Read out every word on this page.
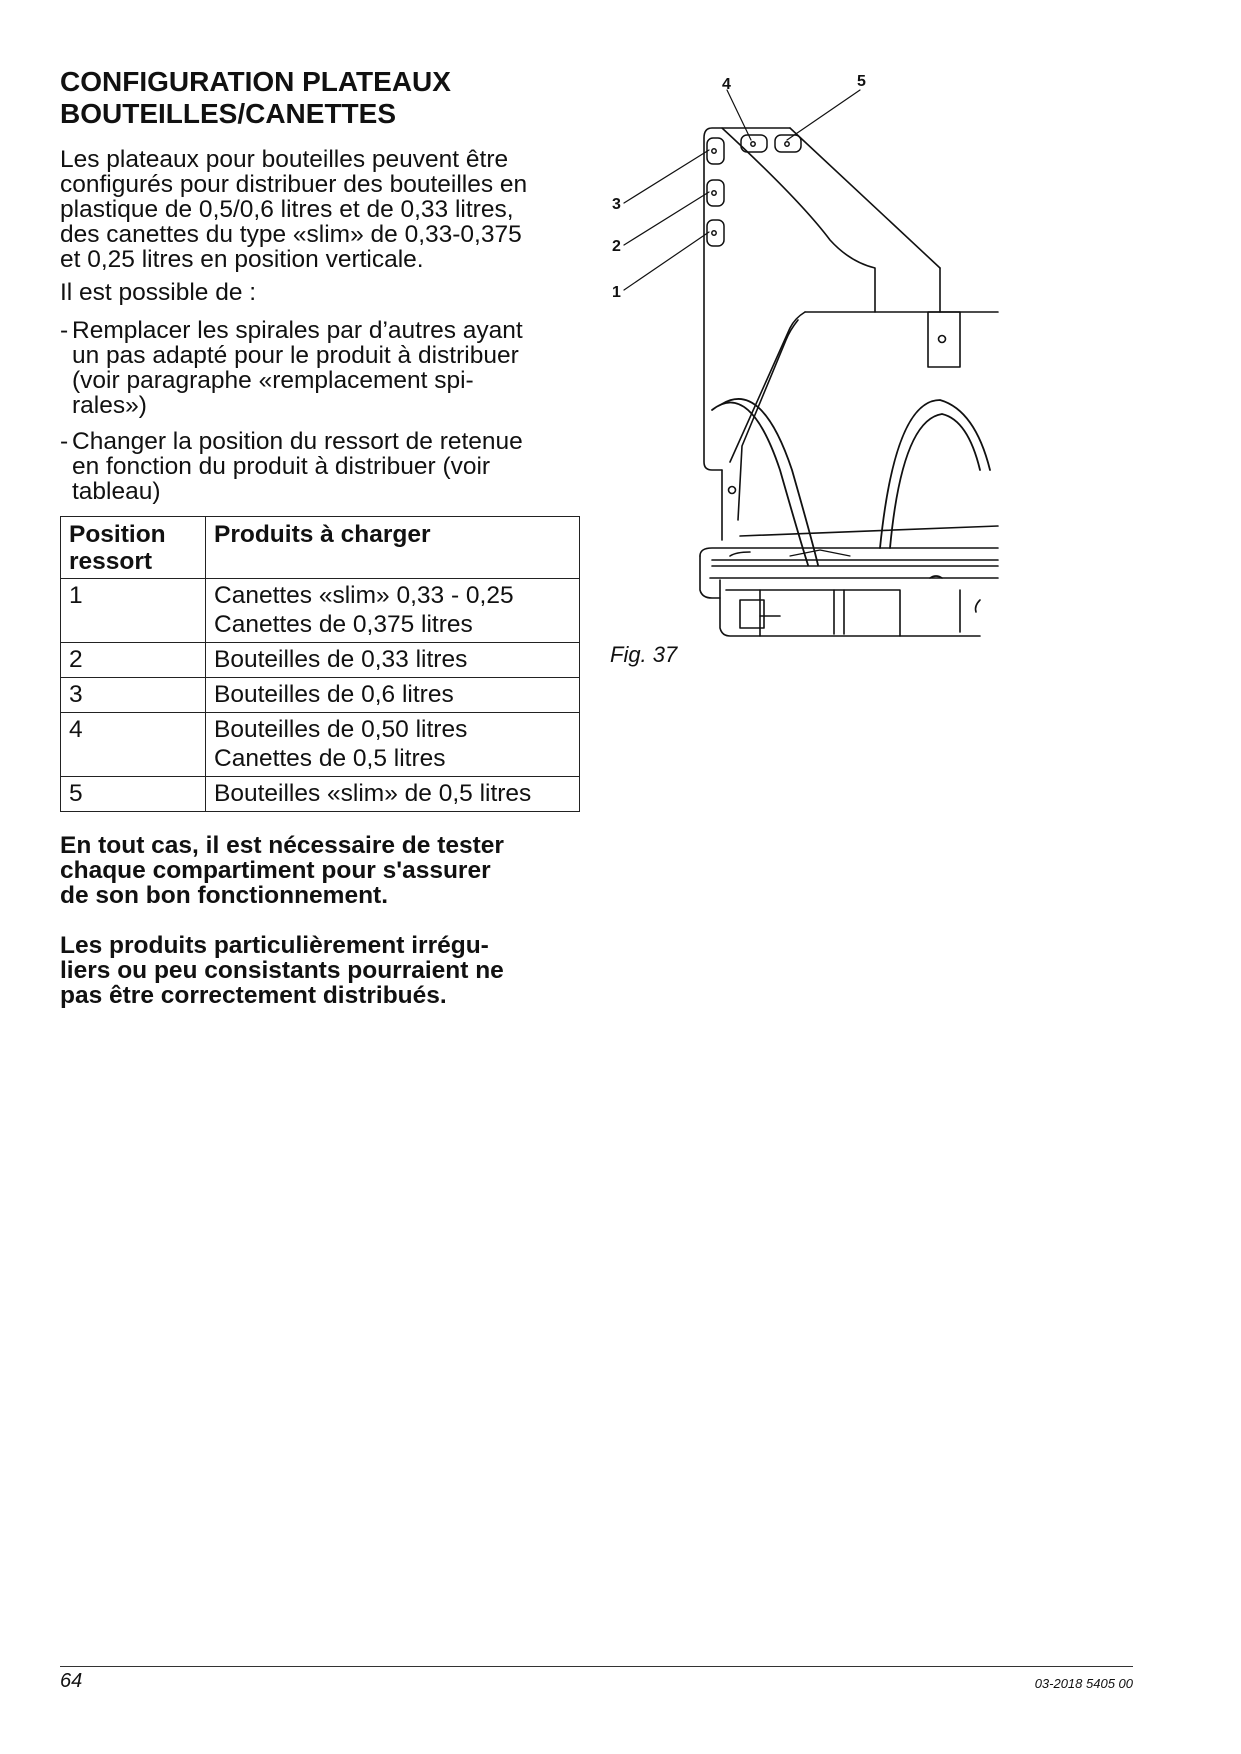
CONFIGURATION PLATEAUX
BOUTEILLES/CANETTES

Les plateaux pour bouteilles peuvent être
configurés pour distribuer des bouteilles en
plastique de 0,5/0,6 litres et de 0,33 litres,
des canettes du type «slim» de 0,33-0,375
et 0,25 litres en position verticale.

Il est possible de :

- Remplacer les spirales par d’autres ayant
un pas adapté pour le produit à distribuer
(voir paragraphe «remplacement spi-
rales»)
- Changer la position du ressort de retenue
en fonction du produit à distribuer (voir
tableau)
Position
ressort	Produits à charger
1	Canettes «slim» 0,33 - 0,25
Canettes de 0,375 litres
2	Bouteilles de 0,33 litres
3	Bouteilles de 0,6 litres
4	Bouteilles de 0,50 litres
Canettes de 0,5 litres
5	Bouteilles «slim» de 0,5 litres

En tout cas, il est nécessaire de tester
chaque compartiment pour s'assurer
de son bon fonctionnement.

Les produits particulièrement irrégu-
liers ou peu consistants pourraient ne
pas être correctement distribués.

3
2
1
4	5
Fig. 37
64	03-2018 5405 00
